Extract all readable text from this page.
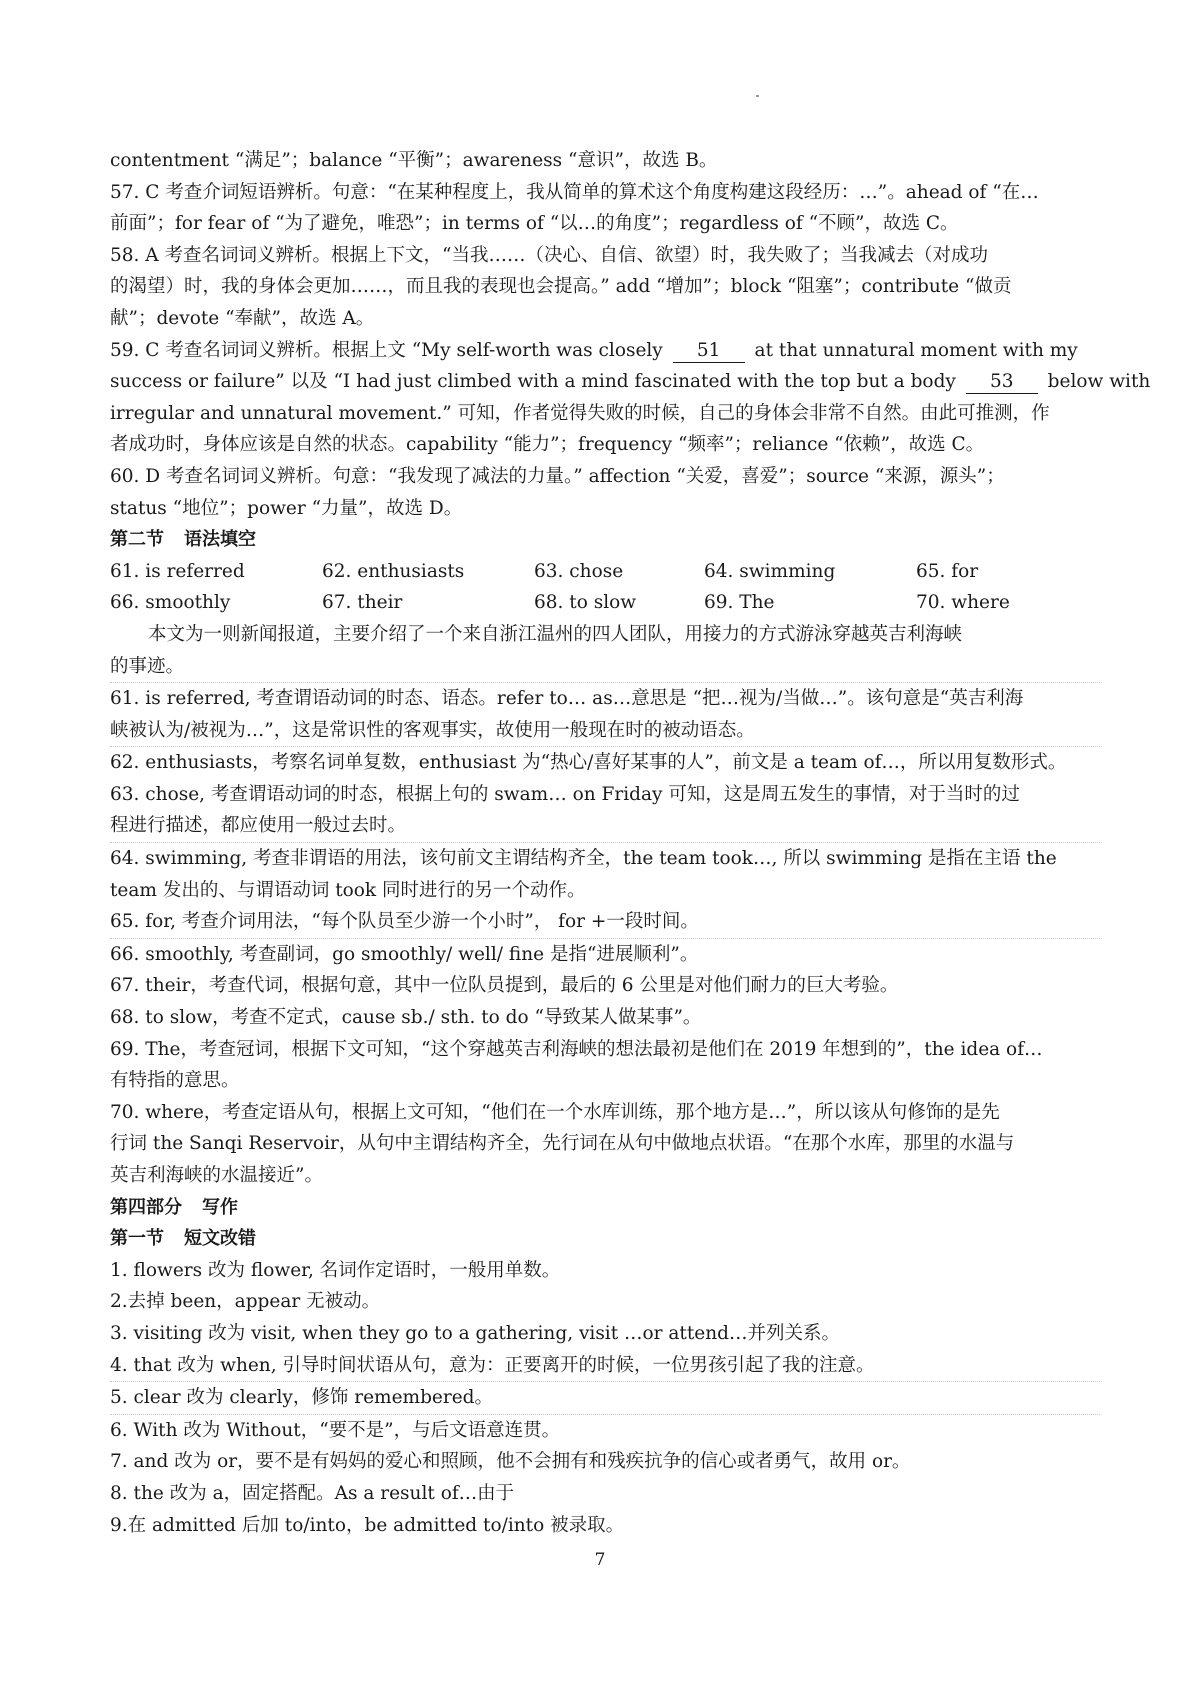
contentment “满足”；balance “平衡”；awareness “意识”，故选 B。
57. C 考查介词短语辨析。句意：“在某种程度上，我从简单的算术这个角度构建这段经历：…”。ahead of “在…
前面”；for fear of “为了避免，唯恐”；in terms of “以…的角度”；regardless of “不顾”，故选 C。
58. A 考查名词词义辨析。根据上下文，“当我……（决心、自信、欲望）时，我失败了；当我减去（对成功
的渴望）时，我的身体会更加……，而且我的表现也会提高。” add “增加”；block “阻塞”；contribute “做贡
献”；devote “奉献”，故选 A。
59. C 考查名词词义辨析。根据上文 “My self-worth was closely 51 at that unnatural moment with my
success or failure” 以及 “I had just climbed with a mind fascinated with the top but a body 53 below with
irregular and unnatural movement.” 可知，作者觉得失败的时候，自己的身体会非常不自然。由此可推测，作
者成功时，身体应该是自然的状态。capability “能力”；frequency “频率”；reliance “依赖”，故选 C。
60. D 考查名词词义辨析。句意：“我发现了减法的力量。” affection “关爱，喜爱”；source “来源，源头”；
status “地位”；power “力量”，故选 D。
第二节 语法填空
61. is referred	62. enthusiasts	63. chose	64. swimming	65. for
66. smoothly	67. their	68. to slow	69. The	70. where
本文为一则新闻报道，主要介绍了一个来自浙江温州的四人团队，用接力的方式游泳穿越英吉利海峡
的事迹。
61. is referred, 考查谓语动词的时态、语态。refer to… as…意思是 “把…视为/当做…”。该句意是“英吉利海
峡被认为/被视为…”，这是常识性的客观事实，故使用一般现在时的被动语态。
62. enthusiasts，考察名词单复数，enthusiast 为“热心/喜好某事的人”，前文是 a team of…，所以用复数形式。
63. chose, 考查谓语动词的时态，根据上句的 swam… on Friday 可知，这是周五发生的事情，对于当时的过
程进行描述，都应使用一般过去时。
64. swimming, 考查非谓语的用法，该句前文主谓结构齐全，the team took…, 所以 swimming 是指在主语 the
team 发出的、与谓语动词 took 同时进行的另一个动作。
65. for, 考查介词用法，“每个队员至少游一个小时”， for +一段时间。
66. smoothly, 考查副词，go smoothly/ well/ fine 是指“进展顺利”。
67. their，考查代词，根据句意，其中一位队员提到，最后的 6 公里是对他们耐力的巨大考验。
68. to slow，考查不定式，cause sb./ sth. to do “导致某人做某事”。
69. The，考查冠词，根据下文可知，“这个穿越英吉利海峡的想法最初是他们在 2019 年想到的”，the idea of…
有特指的意思。
70. where，考查定语从句，根据上文可知，“他们在一个水库训练，那个地方是…”，所以该从句修饰的是先
行词 the Sanqi Reservoir，从句中主谓结构齐全，先行词在从句中做地点状语。“在那个水库，那里的水温与
英吉利海峡的水温接近”。
第四部分 写作
第一节 短文改错
1. flowers 改为 flower, 名词作定语时，一般用单数。
2.去掉 been，appear 无被动。
3. visiting 改为 visit, when they go to a gathering, visit …or attend…并列关系。
4. that 改为 when, 引导时间状语从句，意为：正要离开的时候，一位男孩引起了我的注意。
5. clear 改为 clearly，修饰 remembered。
6. With 改为 Without，“要不是”，与后文语意连贯。
7. and 改为 or，要不是有妈妈的爱心和照顾，他不会拥有和残疾抗争的信心或者勇气，故用 or。
8. the 改为 a，固定搭配。As a result of…由于
9.在 admitted 后加 to/into，be admitted to/into 被录取。
7
